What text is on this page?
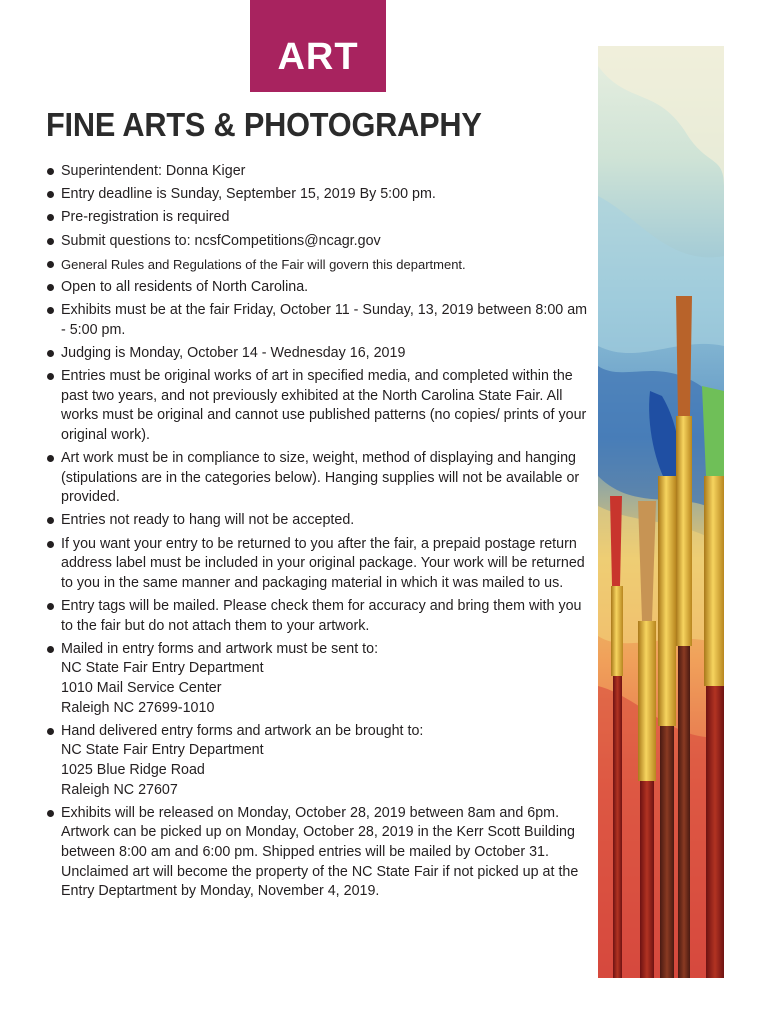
ART
FINE ARTS & PHOTOGRAPHY
Superintendent: Donna Kiger
Entry deadline is Sunday, September 15, 2019 By 5:00 pm.
Pre-registration is required
Submit questions to: ncsfCompetitions@ncagr.gov
General Rules and Regulations of the Fair will govern this department.
Open to all residents of North Carolina.
Exhibits must be at the fair Friday, October 11 - Sunday, 13, 2019 between 8:00 am - 5:00 pm.
Judging is Monday, October 14 - Wednesday 16, 2019
Entries must be original works of art in specified media, and completed within the past two years, and not previously exhibited at the North Carolina State Fair. All works must be original and cannot use published patterns (no copies/ prints of your original work).
Art work must be in compliance to size, weight, method of displaying and hanging (stipulations are in the categories below). Hanging supplies will not be available or provided.
Entries not ready to hang will not be accepted.
If you want your entry to be returned to you after the fair, a prepaid postage return address label must be included in your original package. Your work will be returned to you in the same manner and packaging material in which it was mailed to us.
Entry tags will be mailed. Please check them for accuracy and bring them with you to the fair but do not attach them to your artwork.
Mailed in entry forms and artwork must be sent to:
NC State Fair Entry Department
1010 Mail Service Center
Raleigh NC 27699-1010
Hand delivered entry forms and artwork an be brought to:
NC State Fair Entry Department
1025 Blue Ridge Road
Raleigh NC 27607
Exhibits will be released on Monday, October 28, 2019 between 8am and 6pm. Artwork can be picked up on Monday, October 28, 2019 in the Kerr Scott Building between 8:00 am and 6:00 pm. Shipped entries will be mailed by October 31. Unclaimed art will become the property of the NC State Fair if not picked up at the Entry Deptartment by Monday, November 4, 2019.
